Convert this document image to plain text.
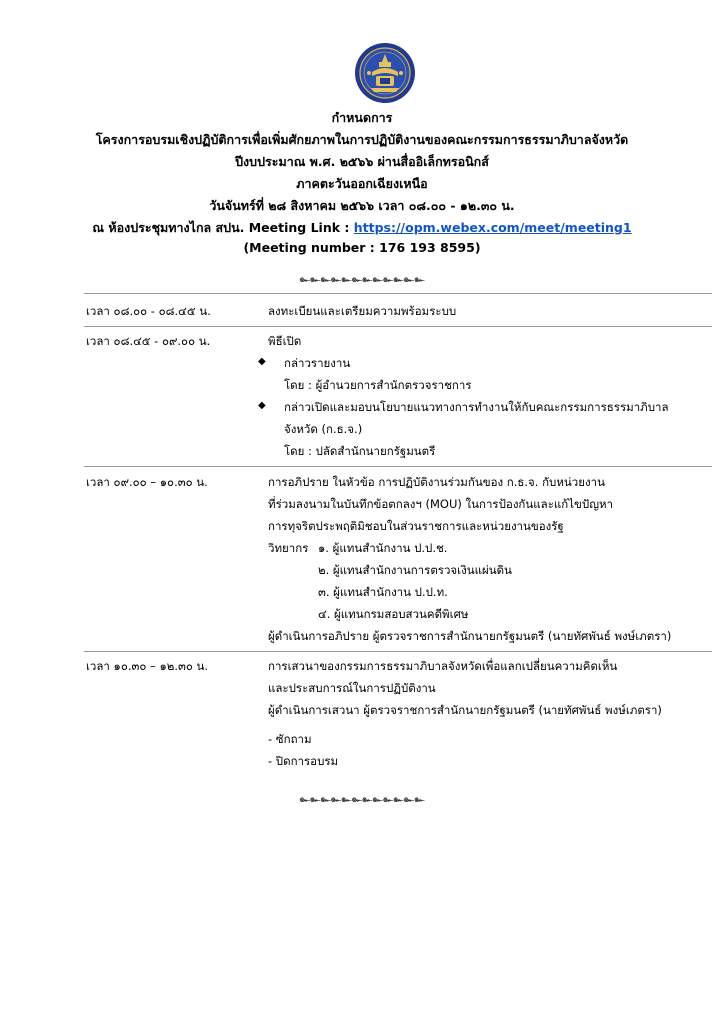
กำหนดการ
โครงการอบรมเชิงปฏิบัติการเพื่อเพิ่มศักยภาพในการปฏิบัติงานของคณะกรรมการธรรมาภิบาลจังหวัด
ปีงบประมาณ พ.ศ. ๒๕๖๖ ผ่านสื่ออิเล็กทรอนิกส์
ภาคตะวันออกเฉียงเหนือ
วันจันทร์ที่ ๒๘ สิงหาคม ๒๕๖๖ เวลา ๐๘.๐๐ - ๑๒.๓๐ น.
ณ ห้องประชุมทางไกล สปน. Meeting Link : https://opm.webex.com/meet/meeting1
(Meeting number : 176 193 8595)
๛๛๛๛๛๛๛๛๛๛๛๛
เวลา ๐๘.๐๐ - ๐๘.๔๕ น.	ลงทะเบียนและเตรียมความพร้อมระบบ
เวลา ๐๘.๔๕ - ๐๙.๐๐ น.	พิธีเปิด
◆ กล่าวรายงาน
โดย : ผู้อำนวยการสำนักตรวจราชการ
◆ กล่าวเปิดและมอบนโยบายแนวทางการทำงานให้กับคณะกรรมการธรรมาภิบาล
จังหวัด (ก.ธ.จ.)
โดย : ปลัดสำนักนายกรัฐมนตรี
เวลา ๐๙.๐๐ – ๑๐.๓๐ น.	การอภิปราย ในหัวข้อ การปฏิบัติงานร่วมกันของ ก.ธ.จ. กับหน่วยงาน
ที่ร่วมลงนามในบันทึกข้อตกลงฯ (MOU) ในการป้องกันและแก้ไขปัญหา
การทุจริตประพฤติมิชอบในส่วนราชการและหน่วยงานของรัฐ
วิทยากร ๑. ผู้แทนสำนักงาน ป.ป.ช.
๒. ผู้แทนสำนักงานการตรวจเงินแผ่นดิน
๓. ผู้แทนสำนักงาน ป.ป.ท.
๔. ผู้แทนกรมสอบสวนคดีพิเศษ
ผู้ดำเนินการอภิปราย ผู้ตรวจราชการสำนักนายกรัฐมนตรี (นายทัศพันธ์ พงษ์เภตรา)
เวลา ๑๐.๓๐ – ๑๒.๓๐ น.	การเสวนาของกรรมการธรรมาภิบาลจังหวัดเพื่อแลกเปลี่ยนความคิดเห็น
และประสบการณ์ในการปฏิบัติงาน
ผู้ดำเนินการเสวนา ผู้ตรวจราชการสำนักนายกรัฐมนตรี (นายทัศพันธ์ พงษ์เภตรา)
- ซักถาม
- ปิดการอบรม
๛๛๛๛๛๛๛๛๛๛๛๛
